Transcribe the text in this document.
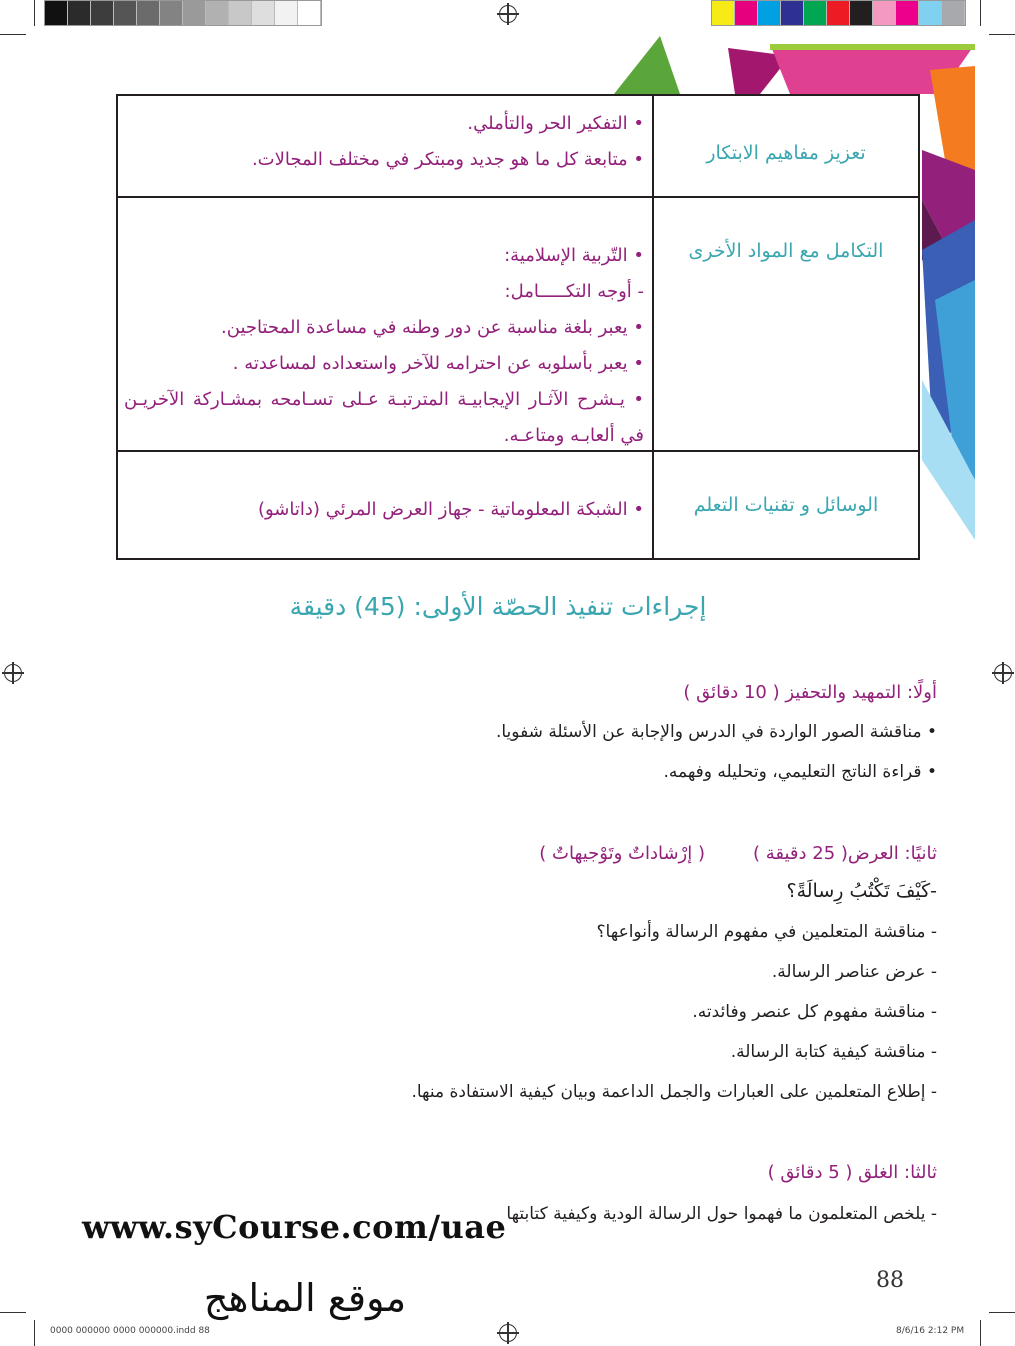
تعزيز مفاهيم الابتكار

• التفكير الحر والتأملي.

• متابعة كل ما هو جديد ومبتكر في مختلف المجالات.

التكامل مع المواد الأخرى

• التّربية الإسلامية:

- أوجه التكـــــامل:

• يعبر بلغة مناسبة عن دور وطنه في مساعدة المحتاجين.

• يعبر بأسلوبه عن احترامه للآخر واستعداده لمساعدته .

• يـشرح الآثـار الإيجابيـة المترتبـة عـلى تسـامحه بمشـاركة الآخريـن في ألعابـه ومتاعـه.

الوسائل و تقنيات التعلم

• الشبكة المعلوماتية - جهاز العرض المرئي (داتاشو)

إجراءات تنفيذ الحصّة الأولى: (45) دقيقة
أولًا: التمهيد والتحفيز ( 10 دقائق )
• مناقشة الصور الواردة في الدرس والإجابة عن الأسئلة شفويا.
• قراءة الناتج التعليمي، وتحليله وفهمه.
ثانيًا: العرض( 25 دقيقة )
( إرْشاداتٌ وتَوْجيهاتٌ )
-كَيْفَ تَكْتُبُ رِسالَةً؟
- مناقشة المتعلمين في مفهوم الرسالة وأنواعها؟
- عرض عناصر الرسالة.
- مناقشة مفهوم كل عنصر وفائدته.
- مناقشة كيفية كتابة الرسالة.
- إطلاع المتعلمين على العبارات والجمل الداعمة وبيان كيفية الاستفادة منها.
ثالثا: الغلق ( 5 دقائق )
- يلخص المتعلمون ما فهموا حول الرسالة الودية وكيفية كتابتها
www.syCourse.com/uae
88
موقع المناهج
0000 000000 0000 000000.indd 88	8/6/16 2:12 PM
